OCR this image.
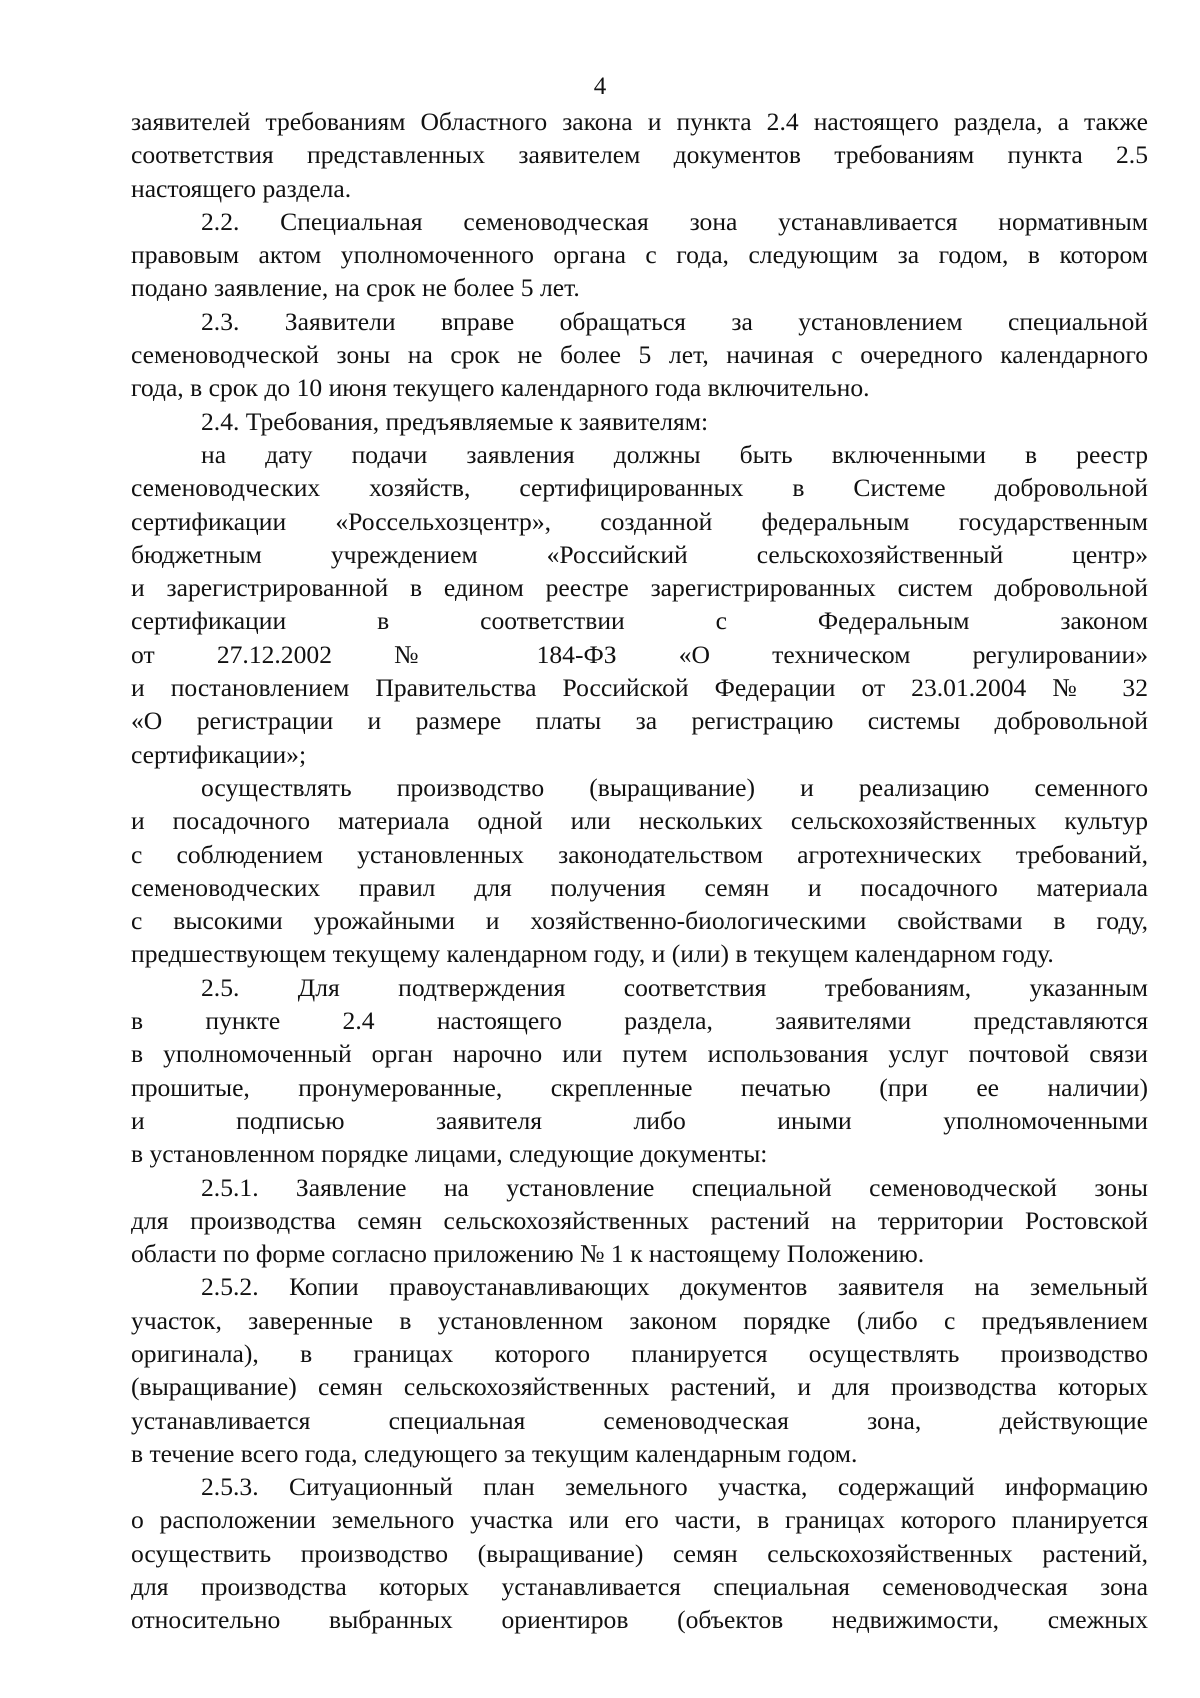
4
заявителей требованиям Областного закона и пункта 2.4 настоящего раздела, а также
соответствия представленных заявителем документов требованиям пункта 2.5
настоящего раздела.
2.2. Специальная семеноводческая зона устанавливается нормативным
правовым актом уполномоченного органа с года, следующим за годом, в котором
подано заявление, на срок не более 5 лет.
2.3. Заявители вправе обращаться за установлением специальной
семеноводческой зоны на срок не более 5 лет, начиная с очередного календарного
года, в срок до 10 июня текущего календарного года включительно.
2.4. Требования, предъявляемые к заявителям:
на дату подачи заявления должны быть включенными в реестр
семеноводческих хозяйств, сертифицированных в Системе добровольной
сертификации «Россельхозцентр», созданной федеральным государственным
бюджетным учреждением «Российский сельскохозяйственный центр»
и зарегистрированной в едином реестре зарегистрированных систем добровольной
сертификации в соответствии с Федеральным законом
от 27.12.2002 № 184-ФЗ «О техническом регулировании»
и постановлением Правительства Российской Федерации от 23.01.2004 № 32
«О регистрации и размере платы за регистрацию системы добровольной
сертификации»;
осуществлять производство (выращивание) и реализацию семенного
и посадочного материала одной или нескольких сельскохозяйственных культур
с соблюдением установленных законодательством агротехнических требований,
семеноводческих правил для получения семян и посадочного материала
с высокими урожайными и хозяйственно-биологическими свойствами в году,
предшествующем текущему календарном году, и (или) в текущем календарном году.
2.5. Для подтверждения соответствия требованиям, указанным
в пункте 2.4 настоящего раздела, заявителями представляются
в уполномоченный орган нарочно или путем использования услуг почтовой связи
прошитые, пронумерованные, скрепленные печатью (при ее наличии)
и подписью заявителя либо иными уполномоченными
в установленном порядке лицами, следующие документы:
2.5.1. Заявление на установление специальной семеноводческой зоны
для производства семян сельскохозяйственных растений на территории Ростовской
области по форме согласно приложению № 1 к настоящему Положению.
2.5.2. Копии правоустанавливающих документов заявителя на земельный
участок, заверенные в установленном законом порядке (либо с предъявлением
оригинала), в границах которого планируется осуществлять производство
(выращивание) семян сельскохозяйственных растений, и для производства которых
устанавливается специальная семеноводческая зона, действующие
в течение всего года, следующего за текущим календарным годом.
2.5.3. Ситуационный план земельного участка, содержащий информацию
о расположении земельного участка или его части, в границах которого планируется
осуществить производство (выращивание) семян сельскохозяйственных растений,
для производства которых устанавливается специальная семеноводческая зона
относительно выбранных ориентиров (объектов недвижимости, смежных
